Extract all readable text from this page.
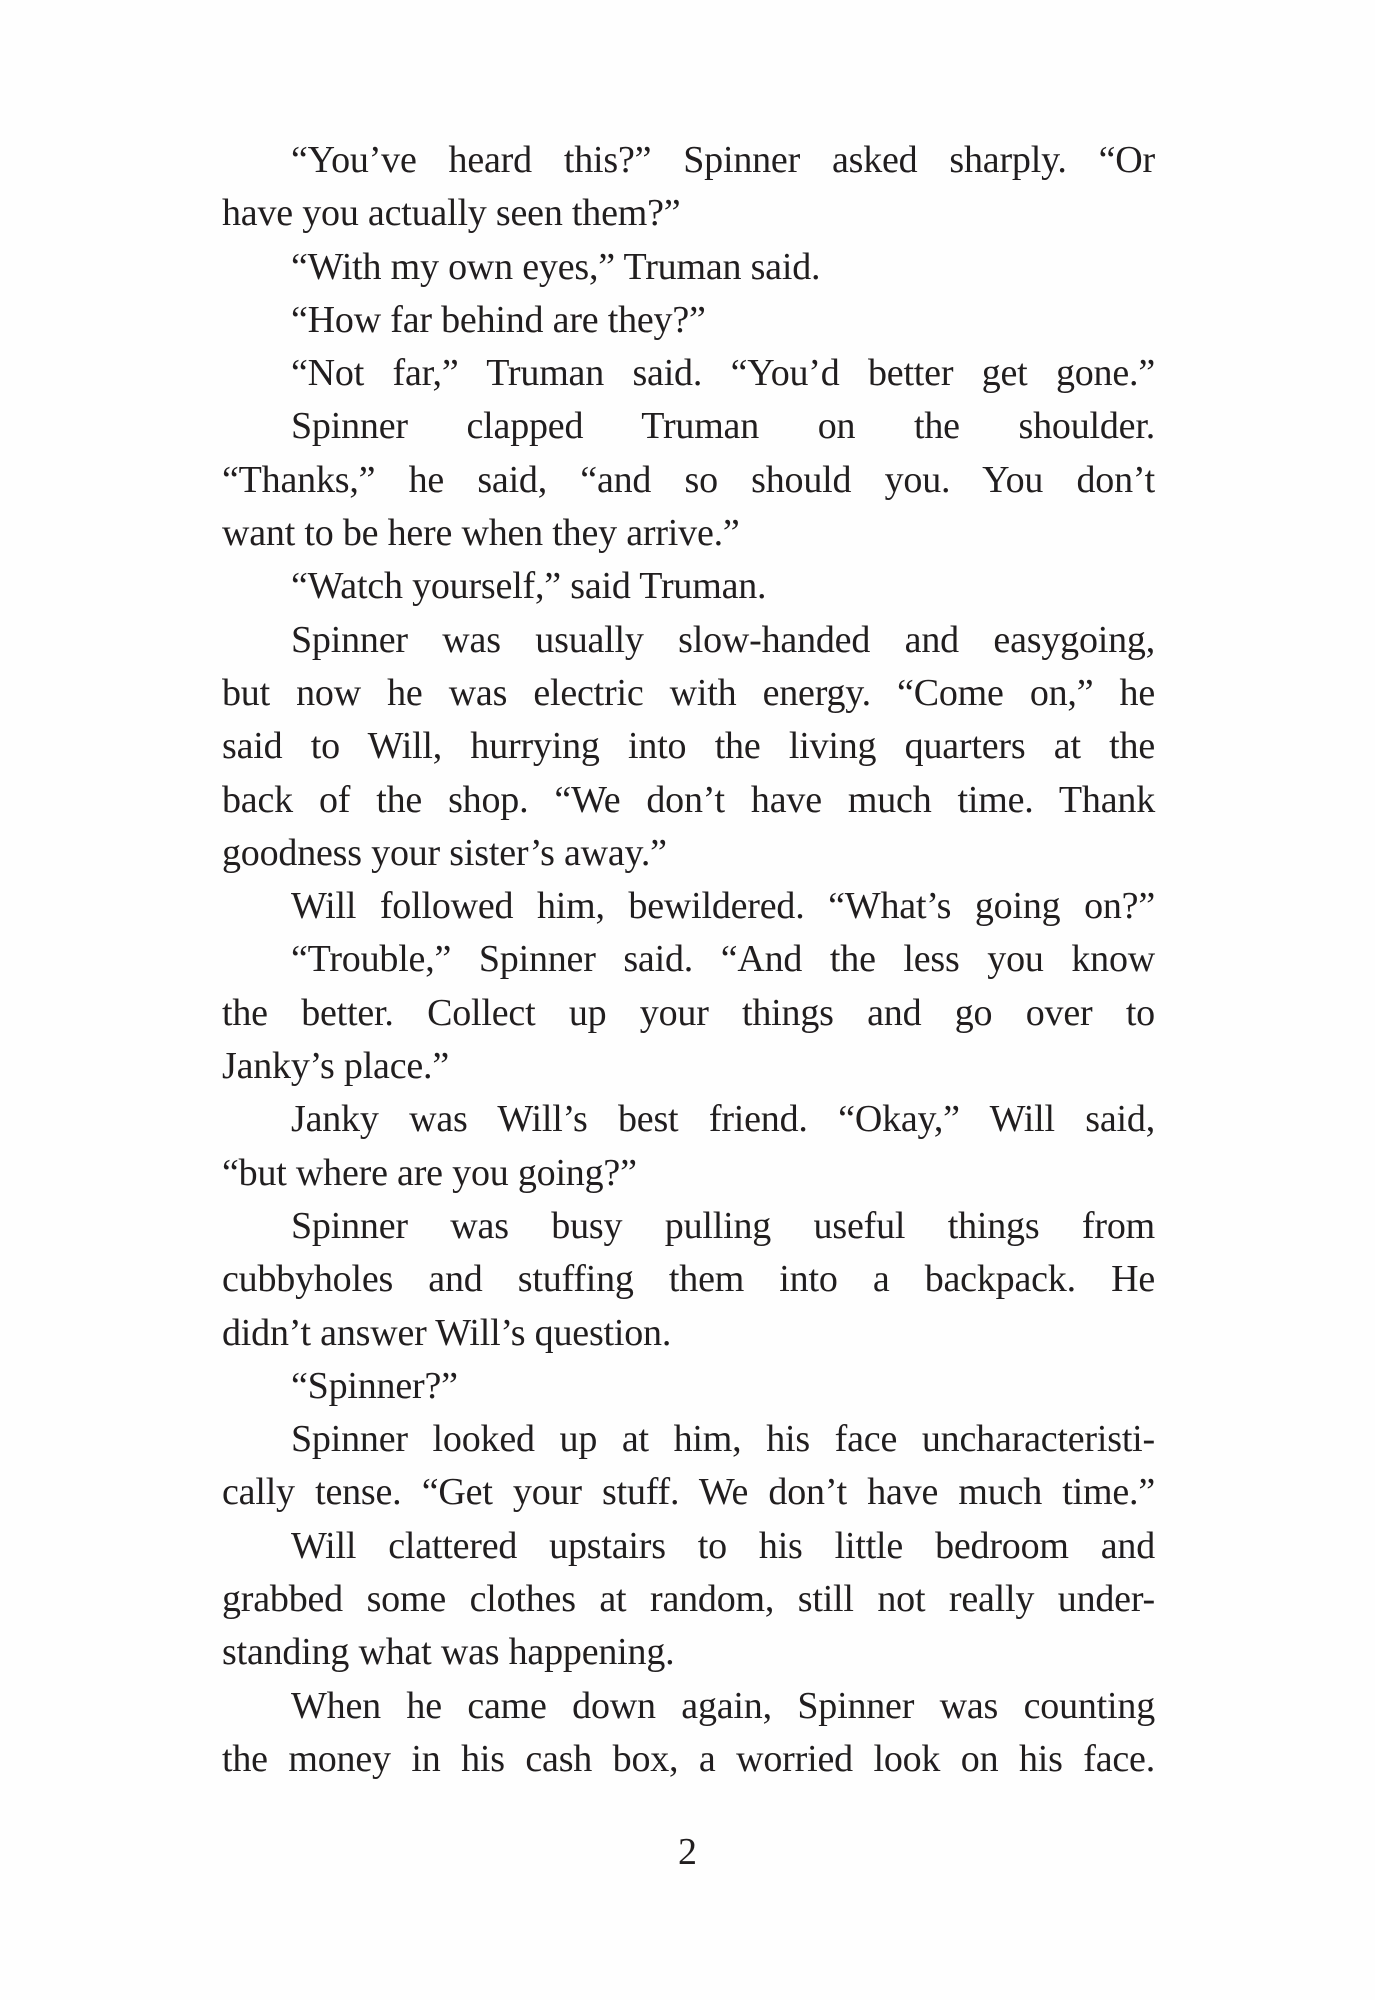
“You’ve heard this?” Spinner asked sharply. “Or
have you actually seen them?”
“With my own eyes,” Truman said.
“How far behind are they?”
“Not far,” Truman said. “You’d better get gone.”
Spinner clapped Truman on the shoulder.
“Thanks,” he said, “and so should you. You don’t
want to be here when they arrive.”
“Watch yourself,” said Truman.
Spinner was usually slow-handed and easygoing,
but now he was electric with energy. “Come on,” he
said to Will, hurrying into the living quarters at the
back of the shop. “We don’t have much time. Thank
goodness your sister’s away.”
Will followed him, bewildered. “What’s going on?”
“Trouble,” Spinner said. “And the less you know
the better. Collect up your things and go over to
Janky’s place.”
Janky was Will’s best friend. “Okay,” Will said,
“but where are you going?”
Spinner was busy pulling useful things from
cubbyholes and stuffing them into a backpack. He
didn’t answer Will’s question.
“Spinner?”
Spinner looked up at him, his face uncharacteristi-
cally tense. “Get your stuff. We don’t have much time.”
Will clattered upstairs to his little bedroom and
grabbed some clothes at random, still not really under-
standing what was happening.
When he came down again, Spinner was counting
the money in his cash box, a worried look on his face.
2
